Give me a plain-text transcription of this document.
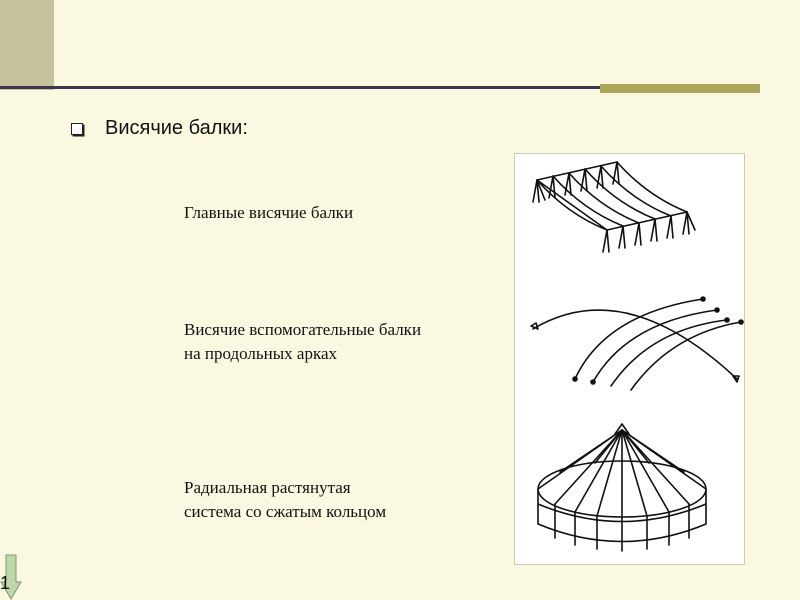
Висячие балки:
Главные висячие балки
Висячие вспомогательные балки
на продольных арках
Радиальная растянутая
система со сжатым кольцом
1
